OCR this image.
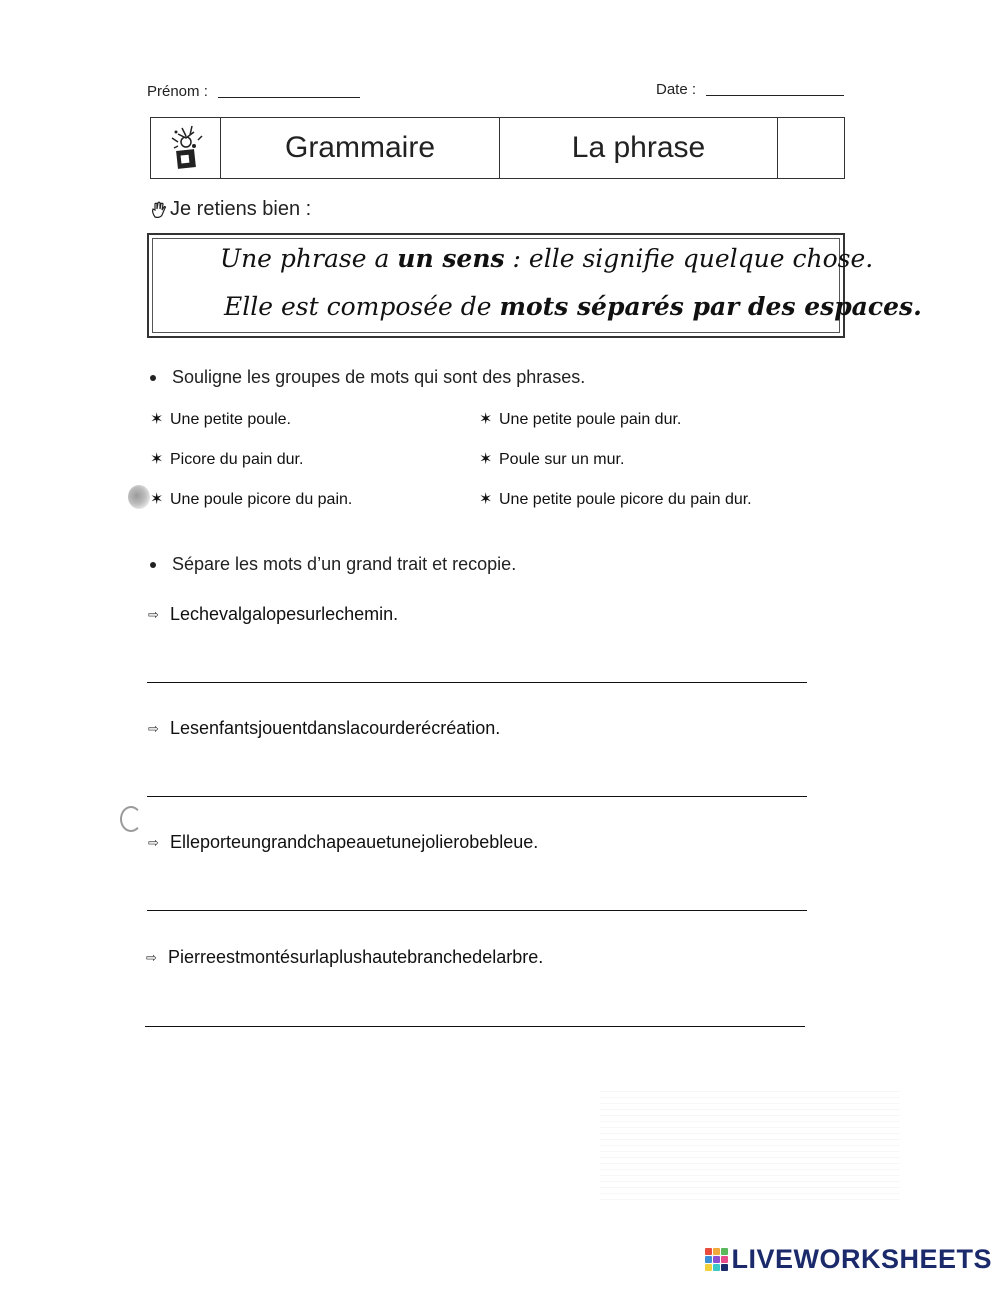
Prénom :	Date :
Grammaire	La phrase
Je retiens bien :
Une phrase a un sens : elle signifie quelque chose.
Elle est composée de mots séparés par des espaces.
Souligne les groupes de mots qui sont des phrases.
✶ Une petite poule.	✶ Une petite poule pain dur.
✶ Picore du pain dur.	✶ Poule sur un mur.
✶ Une poule picore du pain.	✶ Une petite poule picore du pain dur.
Sépare les mots d’un grand trait et recopie.
⇨ Lechevalgalopesurlechemin.
⇨ Lesenfantsjouentdanslacourderécréation.
⇨ Elleporteungrandchapeauetunejolierobebleue.
⇨ Pierreestmontésurlaplushautebranchedelarbre.
LIVEWORKSHEETS
